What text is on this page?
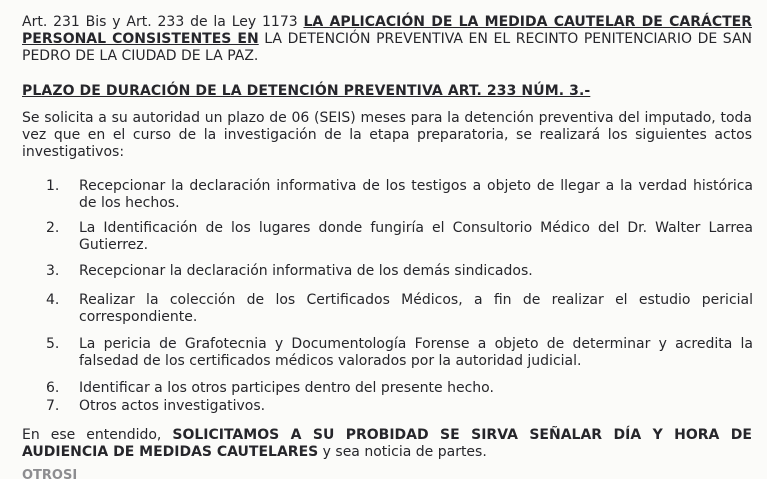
Art. 231 Bis y Art. 233 de la Ley 1173 LA APLICACIÓN DE LA MEDIDA CAUTELAR DE CARÁCTER PERSONAL CONSISTENTES EN LA DETENCIÓN PREVENTIVA EN EL RECINTO PENITENCIARIO DE SAN PEDRO DE LA CIUDAD DE LA PAZ.

PLAZO DE DURACIÓN DE LA DETENCIÓN PREVENTIVA ART. 233 NÚM. 3.-

Se solicita a su autoridad un plazo de 06 (SEIS) meses para la detención preventiva del imputado, toda vez que en el curso de la investigación de la etapa preparatoria, se realizará los siguientes actos investigativos:

1.	Recepcionar la declaración informativa de los testigos a objeto de llegar a la verdad histórica de los hechos.

2.	La Identificación de los lugares donde fungiría el Consultorio Médico del Dr. Walter Larrea Gutierrez.

3.	Recepcionar la declaración informativa de los demás sindicados.

4.	Realizar la colección de los Certificados Médicos, a fin de realizar el estudio pericial correspondiente.

5.	La pericia de Grafotecnia y Documentología Forense a objeto de determinar y acredita la falsedad de los certificados médicos valorados por la autoridad judicial.

6.	Identificar a los otros participes dentro del presente hecho.

7.	Otros actos investigativos.

En ese entendido, SOLICITAMOS A SU PROBIDAD SE SIRVA SEÑALAR DÍA Y HORA DE AUDIENCIA DE MEDIDAS CAUTELARES y sea noticia de partes.

OTROSÍ
